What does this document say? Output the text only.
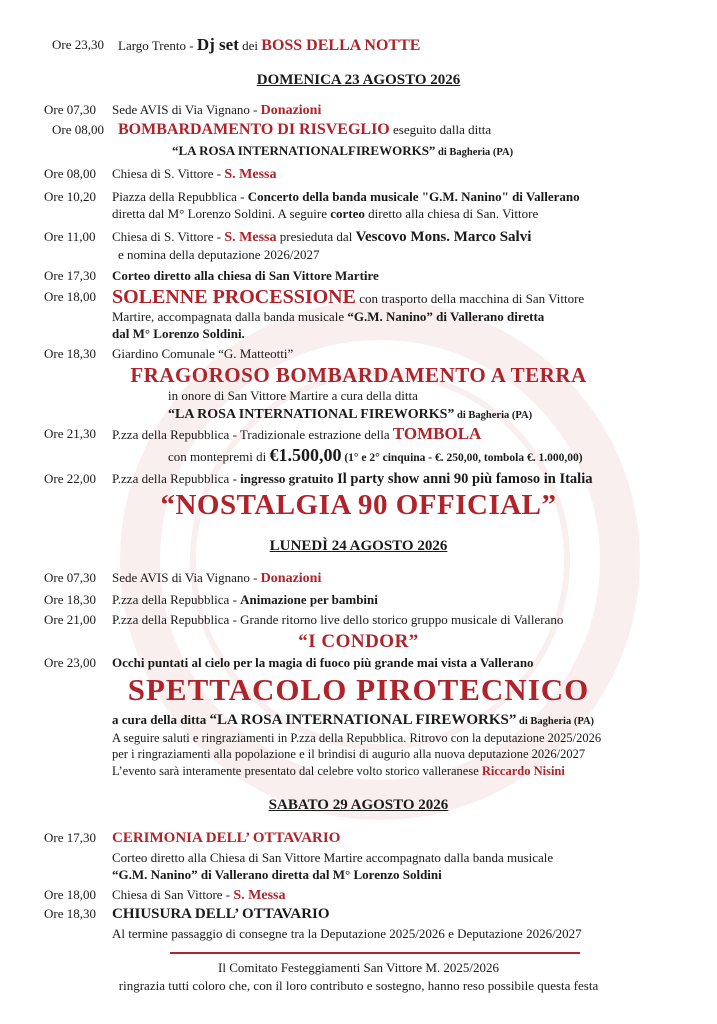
Ore 23,30	Largo Trento - Dj set dei BOSS DELLA NOTTE
DOMENICA 23 AGOSTO 2026
Ore 07,30	Sede AVIS di Via Vignano - Donazioni
Ore 08,00 BOMBARDAMENTO DI RISVEGLIO eseguito dalla ditta
“LA ROSA INTERNATIONALFIREWORKS” di Bagheria (PA)
Ore 08,00	Chiesa di S. Vittore - S. Messa
Ore 10,20	Piazza della Repubblica - Concerto della banda musicale "G.M. Nanino" di Vallerano
diretta dal M° Lorenzo Soldini. A seguire corteo diretto alla chiesa di San. Vittore
Ore 11,00	Chiesa di S. Vittore - S. Messa presieduta dal Vescovo Mons. Marco Salvi
e nomina della deputazione 2026/2027
Ore 17,30	Corteo diretto alla chiesa di San Vittore Martire
Ore 18,00 SOLENNE PROCESSIONE con trasporto della macchina di San Vittore
Martire, accompagnata dalla banda musicale “G.M. Nanino” di Vallerano diretta
dal M° Lorenzo Soldini.
Ore 18,30	Giardino Comunale “G. Matteotti”
FRAGOROSO BOMBARDAMENTO A TERRA
in onore di San Vittore Martire a cura della ditta
“LA ROSA INTERNATIONAL FIREWORKS” di Bagheria (PA)
Ore 21,30	P.zza della Repubblica - Tradizionale estrazione della TOMBOLA
con montepremi di €1.500,00 (1° e 2° cinquina - €. 250,00, tombola €. 1.000,00)
Ore 22,00	P.zza della Repubblica - ingresso gratuito Il party show anni 90 più famoso in Italia
“NOSTALGIA 90 OFFICIAL”
LUNEDÌ 24 AGOSTO 2026
Ore 07,30	Sede AVIS di Via Vignano - Donazioni
Ore 18,30	P.zza della Repubblica - Animazione per bambini
Ore 21,00	P.zza della Repubblica - Grande ritorno live dello storico gruppo musicale di Vallerano
“I CONDOR”
Ore 23,00	Occhi puntati al cielo per la magia di fuoco più grande mai vista a Vallerano
SPETTACOLO PIROTECNICO
a cura della ditta “LA ROSA INTERNATIONAL FIREWORKS” di Bagheria (PA)
A seguire saluti e ringraziamenti in P.zza della Repubblica. Ritrovo con la deputazione 2025/2026
per i ringraziamenti alla popolazione e il brindisi di augurio alla nuova deputazione 2026/2027
L’evento sarà interamente presentato dal celebre volto storico valleranese Riccardo Nisini
SABATO 29 AGOSTO 2026
Ore 17,30	CERIMONIA DELL’ OTTAVARIO
Corteo diretto alla Chiesa di San Vittore Martire accompagnato dalla banda musicale
“G.M. Nanino” di Vallerano diretta dal M° Lorenzo Soldini
Ore 18,00	Chiesa di San Vittore - S. Messa
Ore 18,30	CHIUSURA DELL’ OTTAVARIO
Al termine passaggio di consegne tra la Deputazione 2025/2026 e Deputazione 2026/2027
Il Comitato Festeggiamenti San Vittore M. 2025/2026
ringrazia tutti coloro che, con il loro contributo e sostegno, hanno reso possibile questa festa
